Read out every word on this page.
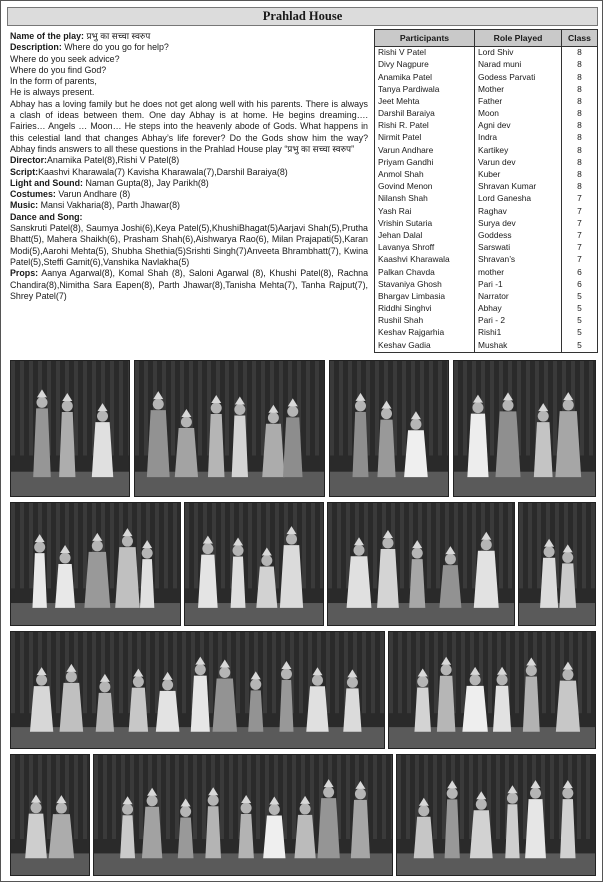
Prahlad House

Name of the play: प्रभु का सच्चा स्वरुप

Description: Where do you go for help?

Where do you seek advice?

Where do you find God?

In the form of parents,

He is always present.

Abhay has a loving family but he does not get along well with his parents. There is always a clash of ideas between them. One day Abhay is at home. He begins dreaming…. Fairies… Angels … Moon… He steps into the heavenly abode of Gods. What happens in this celestial land that changes Abhay’s life forever? Do the Gods show him the way? Abhay finds answers to all these questions in the Prahlad House play “प्रभु का सच्चा स्वरुप”

Director:Anamika Patel(8),Rishi V Patel(8)

Script:Kaashvi Kharawala(7) Kavisha Kharawala(7),Darshil Baraiya(8)

Light and Sound: Naman Gupta(8), Jay Parikh(8)

Costumes: Varun Andhare (8)

Music: Mansi Vakharia(8), Parth Jhawar(8)

Dance and Song:

Sanskruti Patel(8), Saumya Joshi(6),Keya Patel(5),KhushiBhagat(5)Aarjavi Shah(5),Prutha Bhatt(5), Mahera Shaikh(6), Prasham Shah(6),Aishwarya Rao(6), Milan Prajapati(5),Karan Modi(5),Aarohi Mehta(5), Shubha Shethia(5)Srishti Singh(7)Anveeta Bhrambhatt(7), Kwina Patel(5),Steffi Gamit(6),Vanshika Navlakha(5)

Props: Aanya Agarwal(8), Komal Shah (8), Saloni Agarwal (8), Khushi Patel(8), Rachna Chandira(8),Nimitha Sara Eapen(8), Parth Jhawar(8),Tanisha Mehta(7), Tanha Rajput(7), Shrey Patel(7)

Participants	Role Played	Class
Rishi V Patel	Lord Shiv	8
Divy Nagpure	Narad muni	8
Anamika Patel	Godess Parvati	8
Tanya Pardiwala	Mother	8
Jeet Mehta	Father	8
Darshil Baraiya	Moon	8
Rishi R. Patel	Agni dev	8
Nirmit Patel	Indra	8
Varun Andhare	Kartikey	8
Priyam Gandhi	Varun dev	8
Anmol Shah	Kuber	8
Govind Menon	Shravan Kumar	8
Nilansh Shah	Lord Ganesha	7
Yash Rai	Raghav	7
Vrishin Sutaria	Surya dev	7
Jehan Dalal	Goddess	7
Lavanya Shroff	Sarswati	7
Kaashvi Kharawala	Shravan’s	7
Palkan Chavda	mother	6
Stavaniya Ghosh	Pari -1	6
Bhargav Limbasia	Narrator	5
Riddhi Singhvi	Abhay	5
Rushil Shah	Pari - 2	5
Keshav Rajgarhia	Rishi1	5
Keshav Gadia	Mushak	5
